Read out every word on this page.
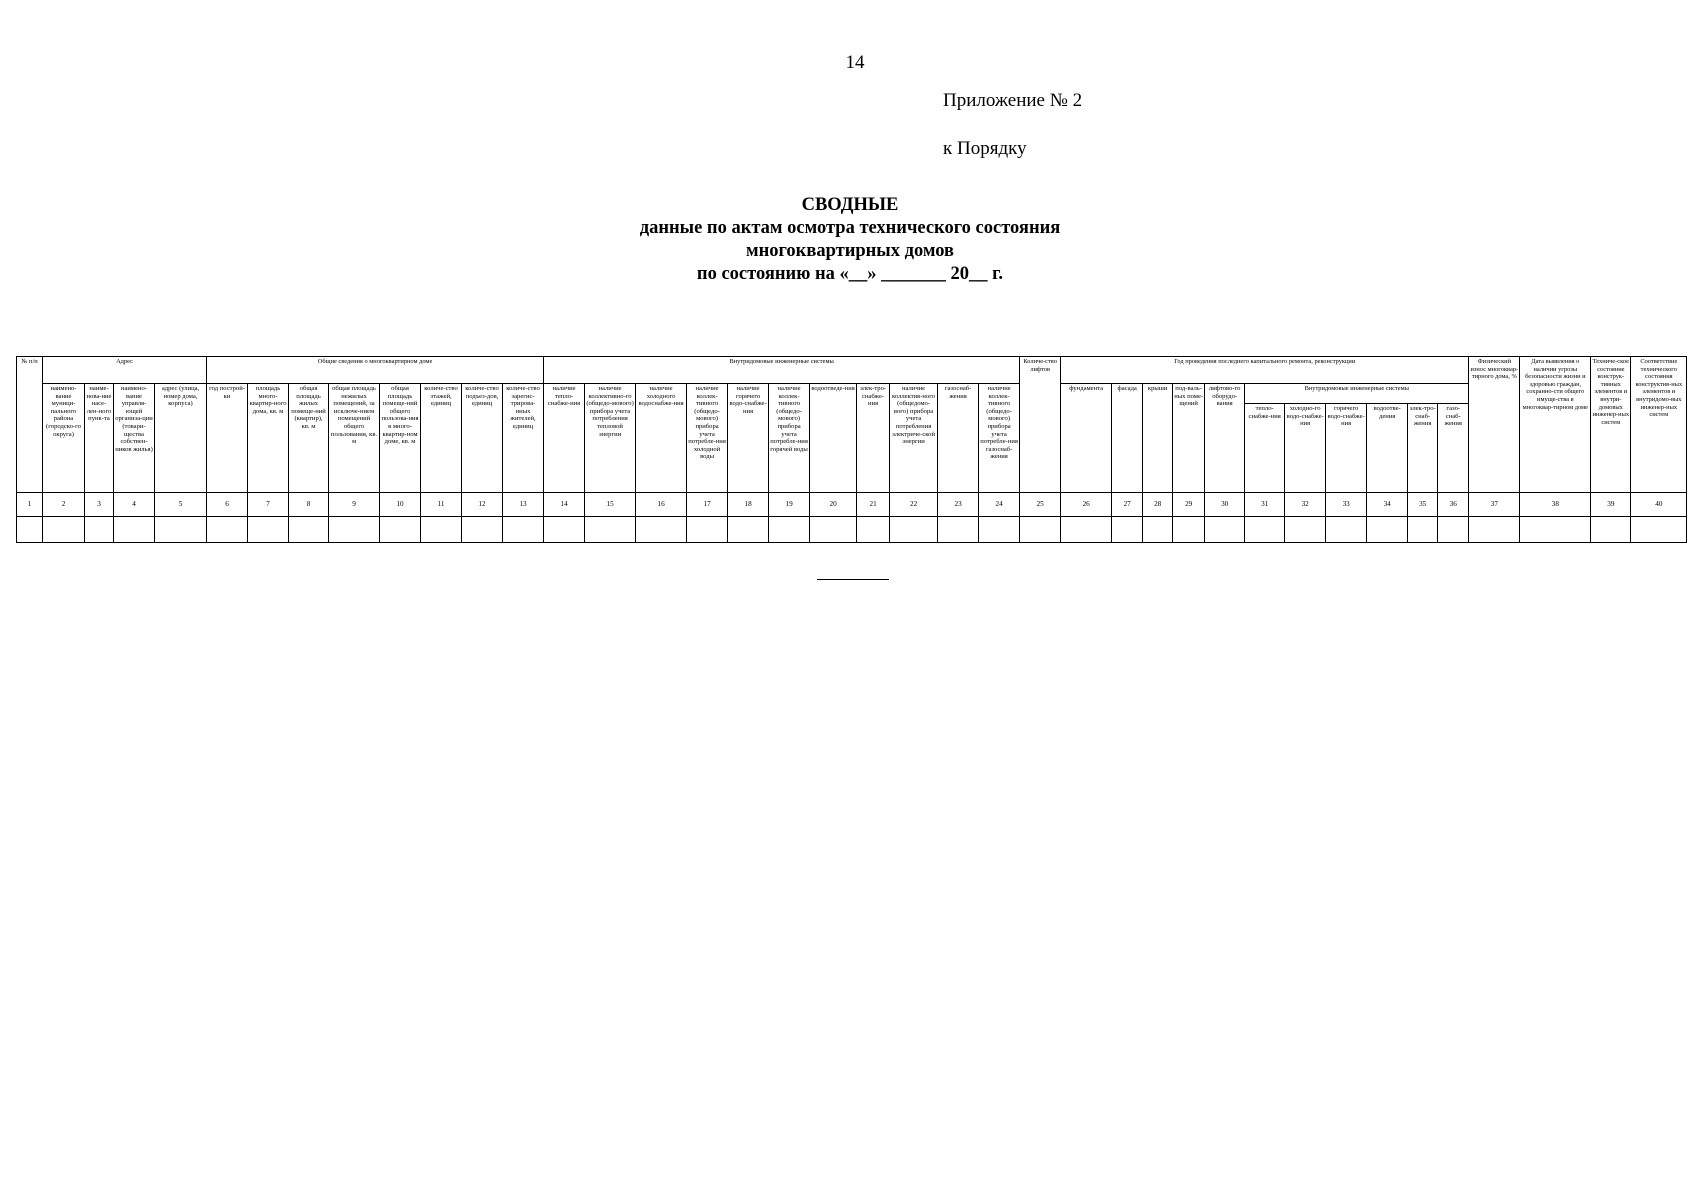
14
Приложение № 2
к Порядку
СВОДНЫЕ
данные по актам осмотра технического состояния
многоквартирных домов
по состоянию на «__» _______ 20__ г.
№ п/п	Адрес				Общие сведения о многоквартирном доме								Внутридомовые инженерные системы											Количе-ство лифтов	Год проведения последнего капитального ремонта, реконструкции											Физический износ многоквар-тирного дома, %	Дата выявления о наличии угрозы безопасности жизни и здоровью граждан, сохранно-сти общего имуще-ства в многоквар-тирном доме	Техниче-ское состояние конструк-тивных элементов и внутри-домовых инженер-ных систем	Соответствие технического состояния конструктив-ных элементов и внутридомо-вых инженер-ных систем
	наимено-вание муници-пального района (городско-го округа)	наиме-нова-ние насе-лен-ного пунк-та	наимено-вание управля-ющей организа-ции (товари-щества собствен-ников жилья)	адрес (улица, номер дома, корпуса)	год построй-ки	площадь много-квартир-ного дома, кв. м	общая площадь жилых помеще-ний (квартир), кв. м	общая площадь нежилых помещений, за исключе-нием помещений общего пользования, кв. м	общая площадь помеще-ний общего пользова-ния в много-квартир-ном доме, кв. м	количе-ство этажей, единиц	количе-ство подъез-дов, единиц	количе-ство зарегис-трирова-нных жителей, единиц	наличие тепло-снабже-ния	наличие коллективно-го (общедо-мового) прибора учета потребления тепловой энергии	наличие холодного водоснабже-ния	наличие коллек-тивного (общедо-мового) прибора учета потребле-ния холодной воды	наличие горячего водо-снабже-ния	наличие коллек-тивного (общедо-мового) прибора учета потребле-ния горячей воды	водоотведе-ния	элек-тро-снабже-ния	наличие коллектив-ного (общедомо-вого) прибора учета потребления электриче-ской энергии	газоснаб-жения	наличие коллек-тивного (общедо-мового) прибора учета потребле-ния газоснаб-жения		фундамента	фасада	крыши	под-валь-ных поме-щений	лифтово-го оборудо-вания	Внутридомовые инженерные системы									
																														тепло-снабже-ния	холодно-го водо-снабже-ния	горячего водо-снабже-ния	водоотве-дения	элек-тро-снаб-жения	газо-снаб-жения				
1	2	3	4	5	6	7	8	9	10	11	12	13	14	15	16	17	18	19	20	21	22	23	24	25	26	27	28	29	30	31	32	33	34	35	36	37	38	39	40
